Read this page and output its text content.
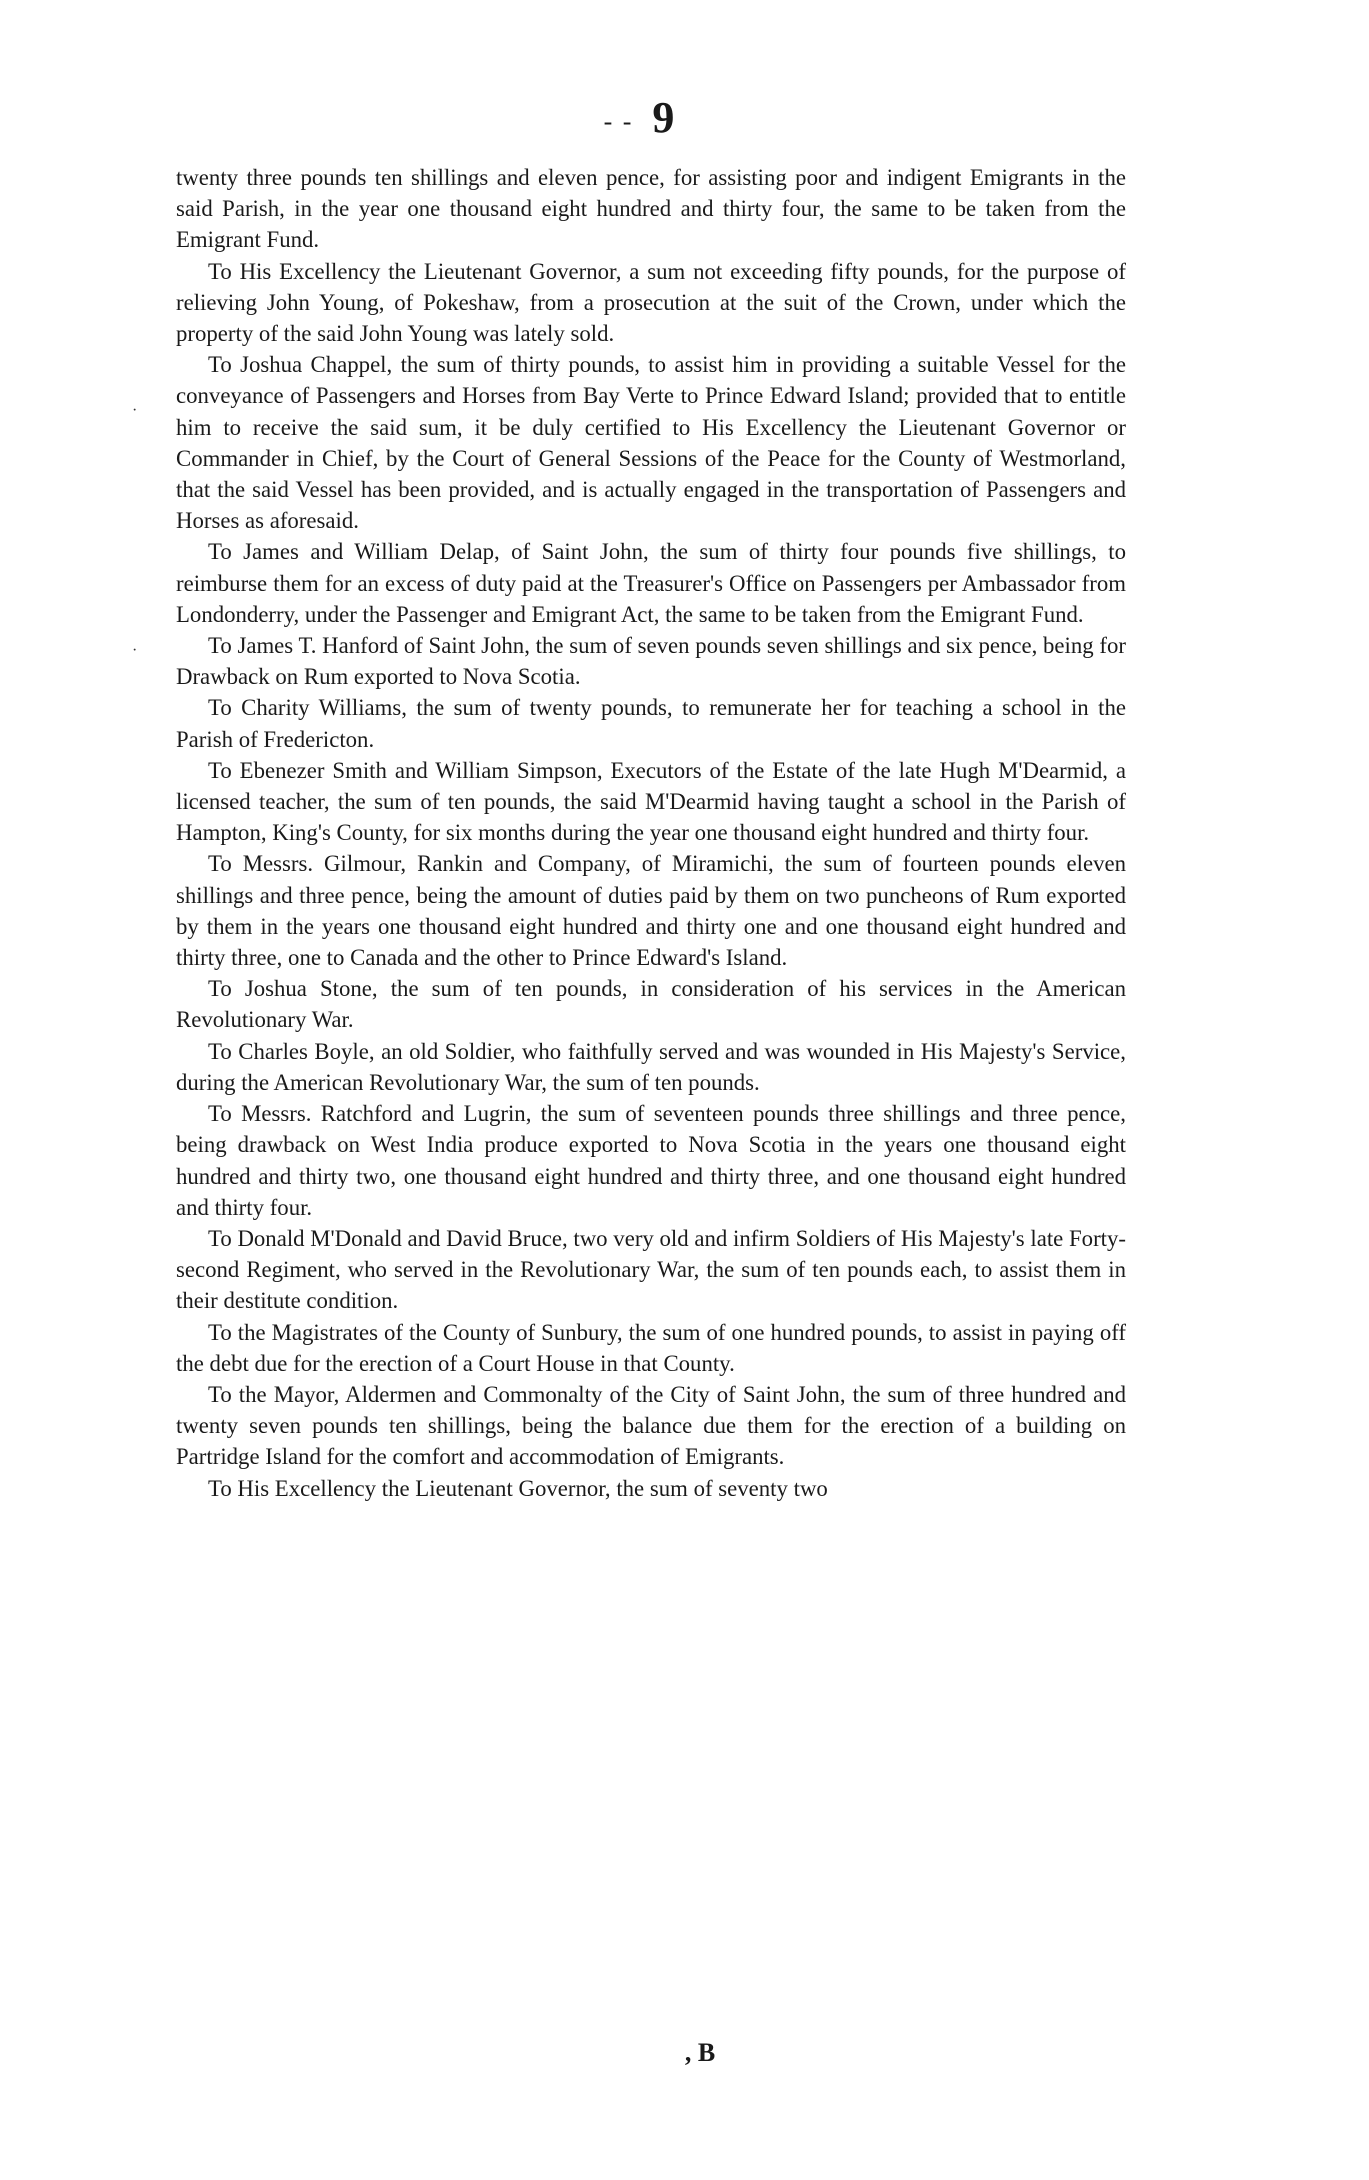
- - 9
·
·

twenty three pounds ten shillings and eleven pence, for assisting poor and indigent Emigrants in the said Parish, in the year one thousand eight hundred and thirty four, the same to be taken from the Emigrant Fund.

To His Excellency the Lieutenant Governor, a sum not exceeding fifty pounds, for the purpose of relieving John Young, of Pokeshaw, from a prosecution at the suit of the Crown, under which the property of the said John Young was lately sold.

To Joshua Chappel, the sum of thirty pounds, to assist him in providing a suitable Vessel for the conveyance of Passengers and Horses from Bay Verte to Prince Edward Island; provided that to entitle him to receive the said sum, it be duly certified to His Excellency the Lieutenant Governor or Commander in Chief, by the Court of General Sessions of the Peace for the County of Westmorland, that the said Vessel has been provided, and is actually engaged in the transportation of Passengers and Horses as aforesaid.

To James and William Delap, of Saint John, the sum of thirty four pounds five shillings, to reimburse them for an excess of duty paid at the Treasurer's Office on Passengers per Ambassador from Londonderry, under the Passenger and Emigrant Act, the same to be taken from the Emigrant Fund.

To James T. Hanford of Saint John, the sum of seven pounds seven shillings and six pence, being for Drawback on Rum exported to Nova Scotia.

To Charity Williams, the sum of twenty pounds, to remunerate her for teaching a school in the Parish of Fredericton.

To Ebenezer Smith and William Simpson, Executors of the Estate of the late Hugh M'Dearmid, a licensed teacher, the sum of ten pounds, the said M'Dearmid having taught a school in the Parish of Hampton, King's County, for six months during the year one thousand eight hundred and thirty four.

To Messrs. Gilmour, Rankin and Company, of Miramichi, the sum of fourteen pounds eleven shillings and three pence, being the amount of duties paid by them on two puncheons of Rum exported by them in the years one thousand eight hundred and thirty one and one thousand eight hundred and thirty three, one to Canada and the other to Prince Edward's Island.

To Joshua Stone, the sum of ten pounds, in consideration of his services in the American Revolutionary War.

To Charles Boyle, an old Soldier, who faithfully served and was wounded in His Majesty's Service, during the American Revolutionary War, the sum of ten pounds.

To Messrs. Ratchford and Lugrin, the sum of seventeen pounds three shillings and three pence, being drawback on West India produce exported to Nova Scotia in the years one thousand eight hundred and thirty two, one thousand eight hundred and thirty three, and one thousand eight hundred and thirty four.

To Donald M'Donald and David Bruce, two very old and infirm Soldiers of His Majesty's late Forty-second Regiment, who served in the Revolutionary War, the sum of ten pounds each, to assist them in their destitute condition.

To the Magistrates of the County of Sunbury, the sum of one hundred pounds, to assist in paying off the debt due for the erection of a Court House in that County.

To the Mayor, Aldermen and Commonalty of the City of Saint John, the sum of three hundred and twenty seven pounds ten shillings, being the balance due them for the erection of a building on Partridge Island for the comfort and accommodation of Emigrants.

To His Excellency the Lieutenant Governor, the sum of seventy two

, B
